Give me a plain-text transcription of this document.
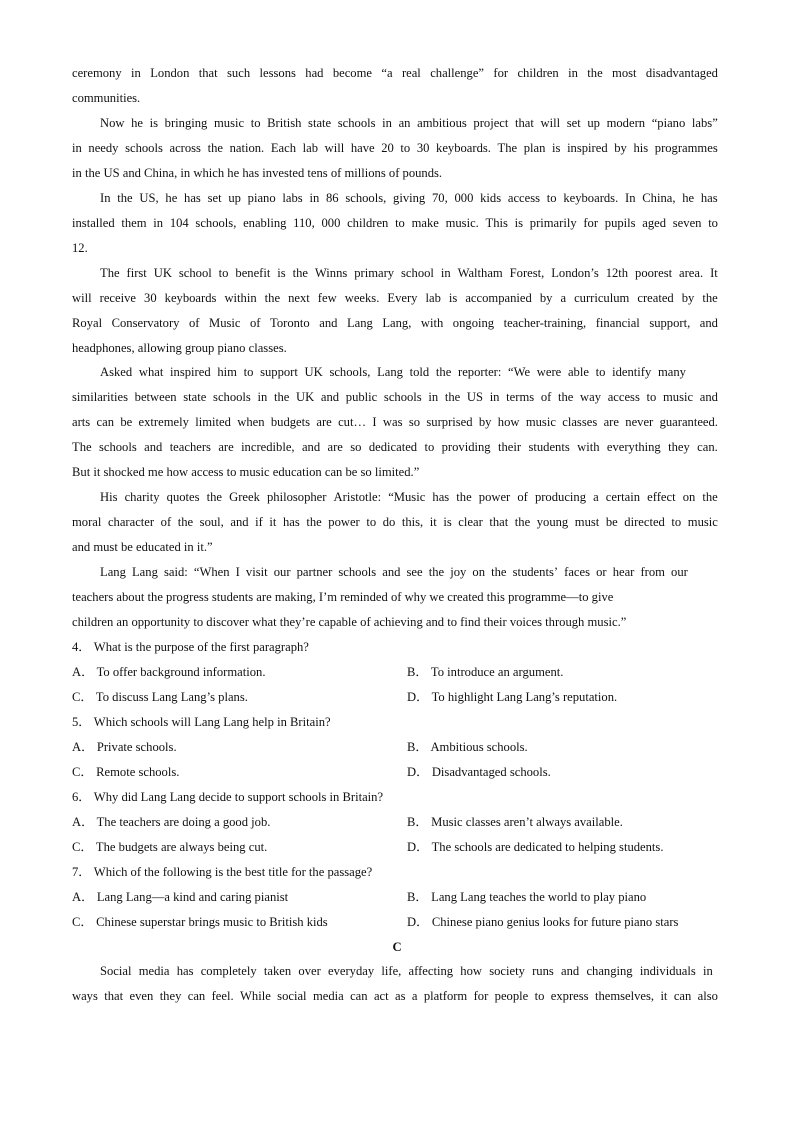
ceremony in London that such lessons had become “a real challenge” for children in the most disadvantaged
communities.
Now he is bringing music to British state schools in an ambitious project that will set up modern “piano labs”
in needy schools across the nation. Each lab will have 20 to 30 keyboards. The plan is inspired by his programmes
in the US and China, in which he has invested tens of millions of pounds.
In the US, he has set up piano labs in 86 schools, giving 70, 000 kids access to keyboards. In China, he has
installed them in 104 schools, enabling 110, 000 children to make music. This is primarily for pupils aged seven to
12.
The first UK school to benefit is the Winns primary school in Waltham Forest, London’s 12th poorest area. It
will receive 30 keyboards within the next few weeks. Every lab is accompanied by a curriculum created by the
Royal Conservatory of Music of Toronto and Lang Lang, with ongoing teacher-training, financial support, and
headphones, allowing group piano classes.
Asked what inspired him to support UK schools, Lang told the reporter: “We were able to identify many
similarities between state schools in the UK and public schools in the US in terms of the way access to music and
arts can be extremely limited when budgets are cut… I was so surprised by how music classes are never guaranteed.
The schools and teachers are incredible, and are so dedicated to providing their students with everything they can.
But it shocked me how access to music education can be so limited.”
His charity quotes the Greek philosopher Aristotle: “Music has the power of producing a certain effect on the
moral character of the soul, and if it has the power to do this, it is clear that the young must be directed to music
and must be educated in it.”
Lang Lang said: “When I visit our partner schools and see the joy on the students’ faces or hear from our
teachers about the progress students are making, I’m reminded of why we created this programme—to give
children an opportunity to discover what they’re capable of achieving and to find their voices through music.”
4． What is the purpose of the first paragraph?
A． To offer background information.	B． To introduce an argument.
C． To discuss Lang Lang’s plans.	D． To highlight Lang Lang’s reputation.
5． Which schools will Lang Lang help in Britain?
A． Private schools.	B． Ambitious schools.
C． Remote schools.	D． Disadvantaged schools.
6． Why did Lang Lang decide to support schools in Britain?
A． The teachers are doing a good job.	B． Music classes aren’t always available.
C． The budgets are always being cut.	D． The schools are dedicated to helping students.
7． Which of the following is the best title for the passage?
A． Lang Lang—a kind and caring pianist	B． Lang Lang teaches the world to play piano
C． Chinese superstar brings music to British kids	D． Chinese piano genius looks for future piano stars
C
Social media has completely taken over everyday life, affecting how society runs and changing individuals in
ways that even they can feel. While social media can act as a platform for people to express themselves, it can also
